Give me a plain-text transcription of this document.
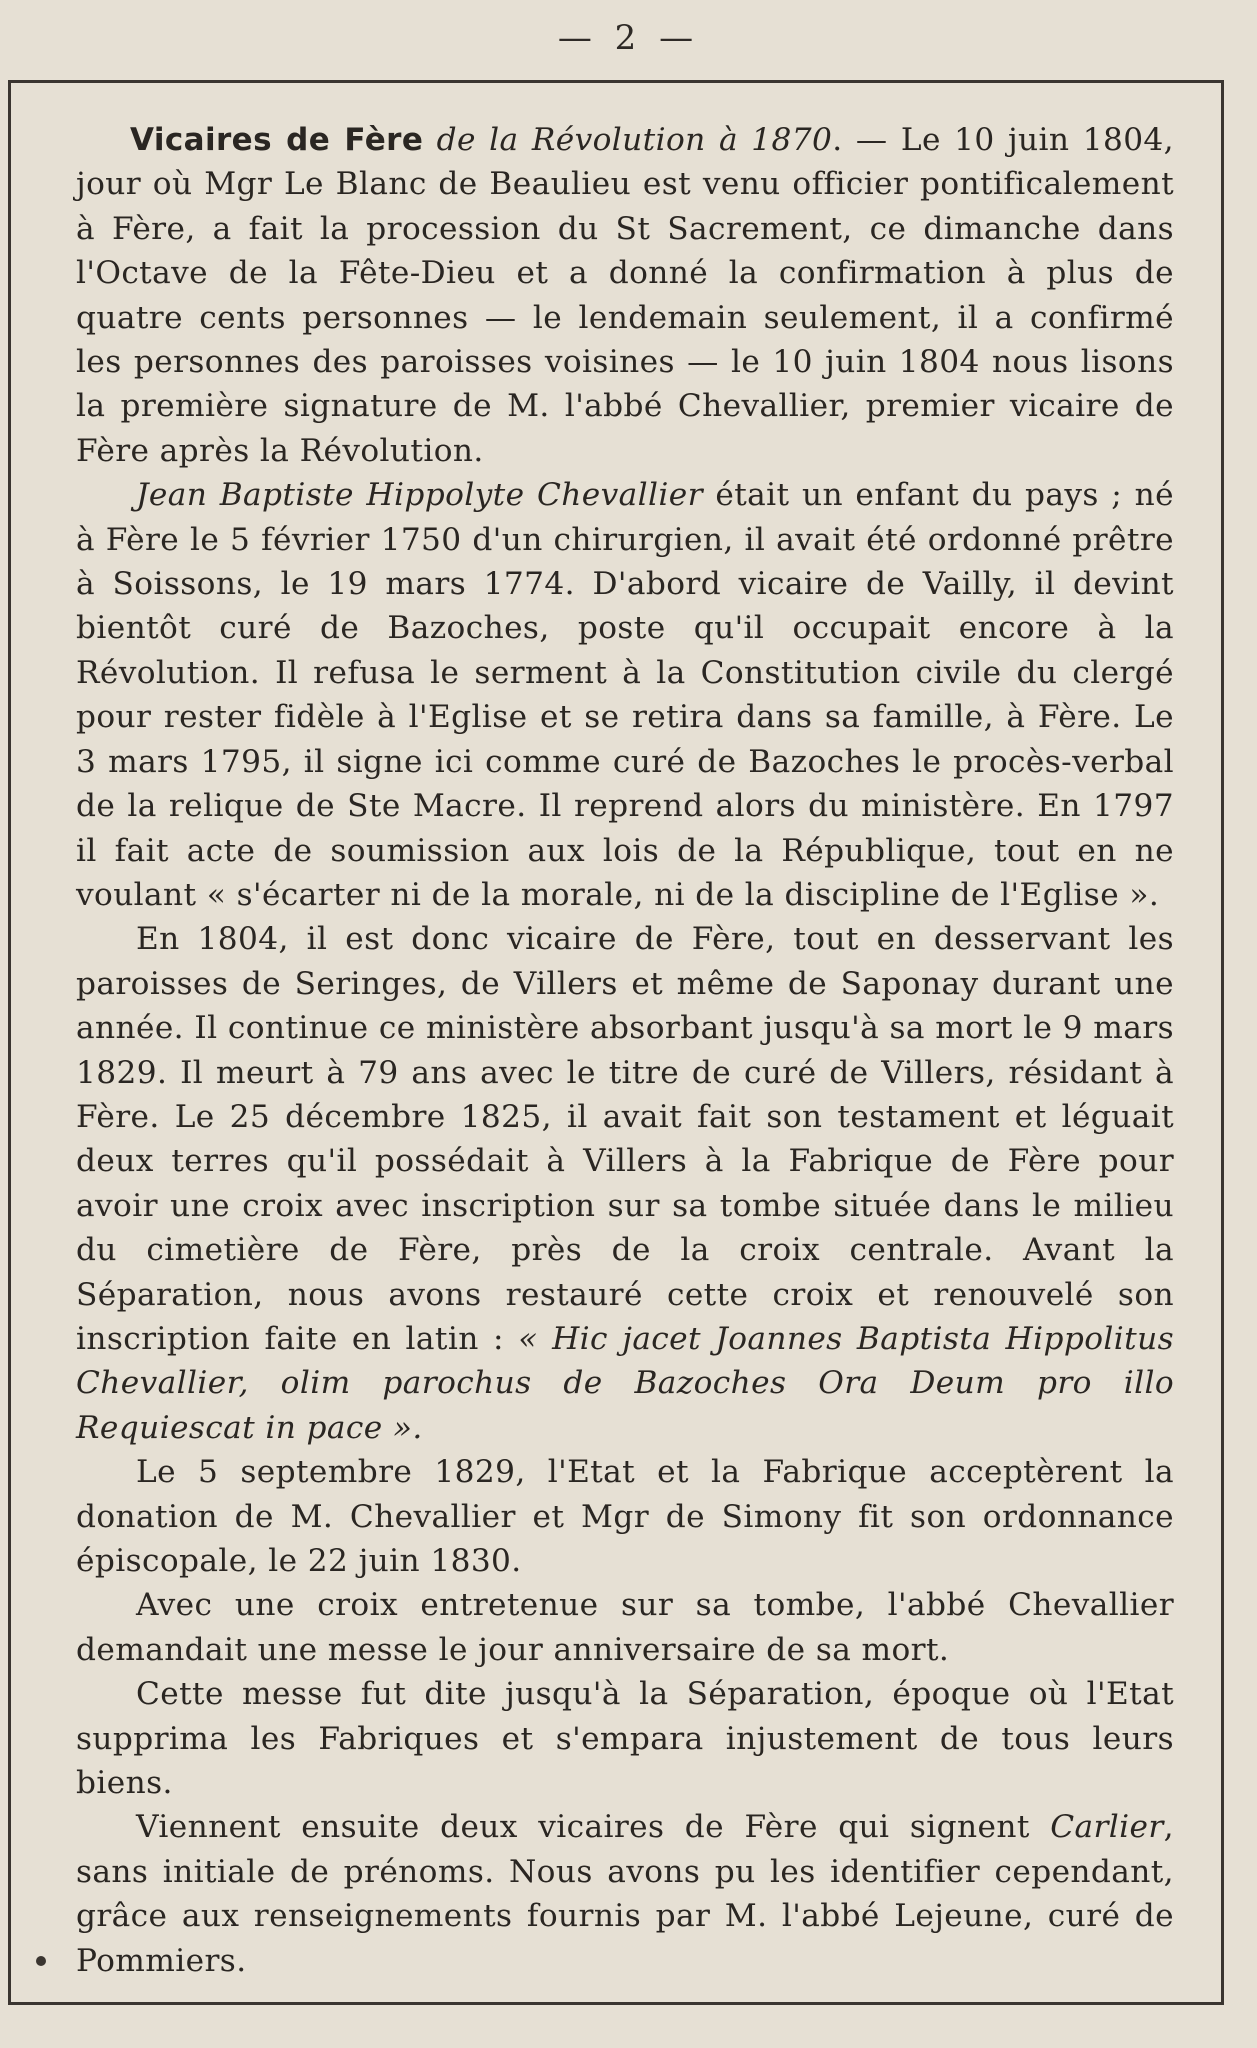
— 2 —

Vicaires de Fère de la Révolution à 1870. — Le 10 juin 1804, jour où Mgr Le Blanc de Beaulieu est venu officier pontificalement à Fère, a fait la procession du St Sacrement, ce dimanche dans l'Octave de la Fête-Dieu et a donné la confirmation à plus de quatre cents personnes — le lendemain seulement, il a confirmé les personnes des paroisses voisines — le 10 juin 1804 nous lisons la première signature de M. l'abbé Chevallier, premier vicaire de Fère après la Révolution.

Jean Baptiste Hippolyte Chevallier était un enfant du pays ; né à Fère le 5 février 1750 d'un chirurgien, il avait été ordonné prêtre à Soissons, le 19 mars 1774. D'abord vicaire de Vailly, il devint bientôt curé de Bazoches, poste qu'il occupait encore à la Révolution. Il refusa le serment à la Constitution civile du clergé pour rester fidèle à l'Eglise et se retira dans sa famille, à Fère. Le 3 mars 1795, il signe ici comme curé de Bazoches le procès-verbal de la relique de Ste Macre. Il reprend alors du ministère. En 1797 il fait acte de soumission aux lois de la République, tout en ne voulant « s'écarter ni de la morale, ni de la discipline de l'Eglise ».

En 1804, il est donc vicaire de Fère, tout en desservant les paroisses de Seringes, de Villers et même de Saponay durant une année. Il continue ce ministère absorbant jusqu'à sa mort le 9 mars 1829. Il meurt à 79 ans avec le titre de curé de Villers, résidant à Fère. Le 25 décembre 1825, il avait fait son testament et léguait deux terres qu'il possédait à Villers à la Fabrique de Fère pour avoir une croix avec inscription sur sa tombe située dans le milieu du cimetière de Fère, près de la croix centrale. Avant la Séparation, nous avons restauré cette croix et renouvelé son inscription faite en latin : « Hic jacet Joannes Baptista Hippolitus Chevallier, olim parochus de Bazoches Ora Deum pro illo Requiescat in pace ».

Le 5 septembre 1829, l'Etat et la Fabrique acceptèrent la donation de M. Chevallier et Mgr de Simony fit son ordonnance épiscopale, le 22 juin 1830.

Avec une croix entretenue sur sa tombe, l'abbé Chevallier demandait une messe le jour anniversaire de sa mort.

Cette messe fut dite jusqu'à la Séparation, époque où l'Etat supprima les Fabriques et s'empara injustement de tous leurs biens.

Viennent ensuite deux vicaires de Fère qui signent Carlier, sans initiale de prénoms. Nous avons pu les identifier cependant, grâce aux renseignements fournis par M. l'abbé Lejeune, curé de Pommiers.
